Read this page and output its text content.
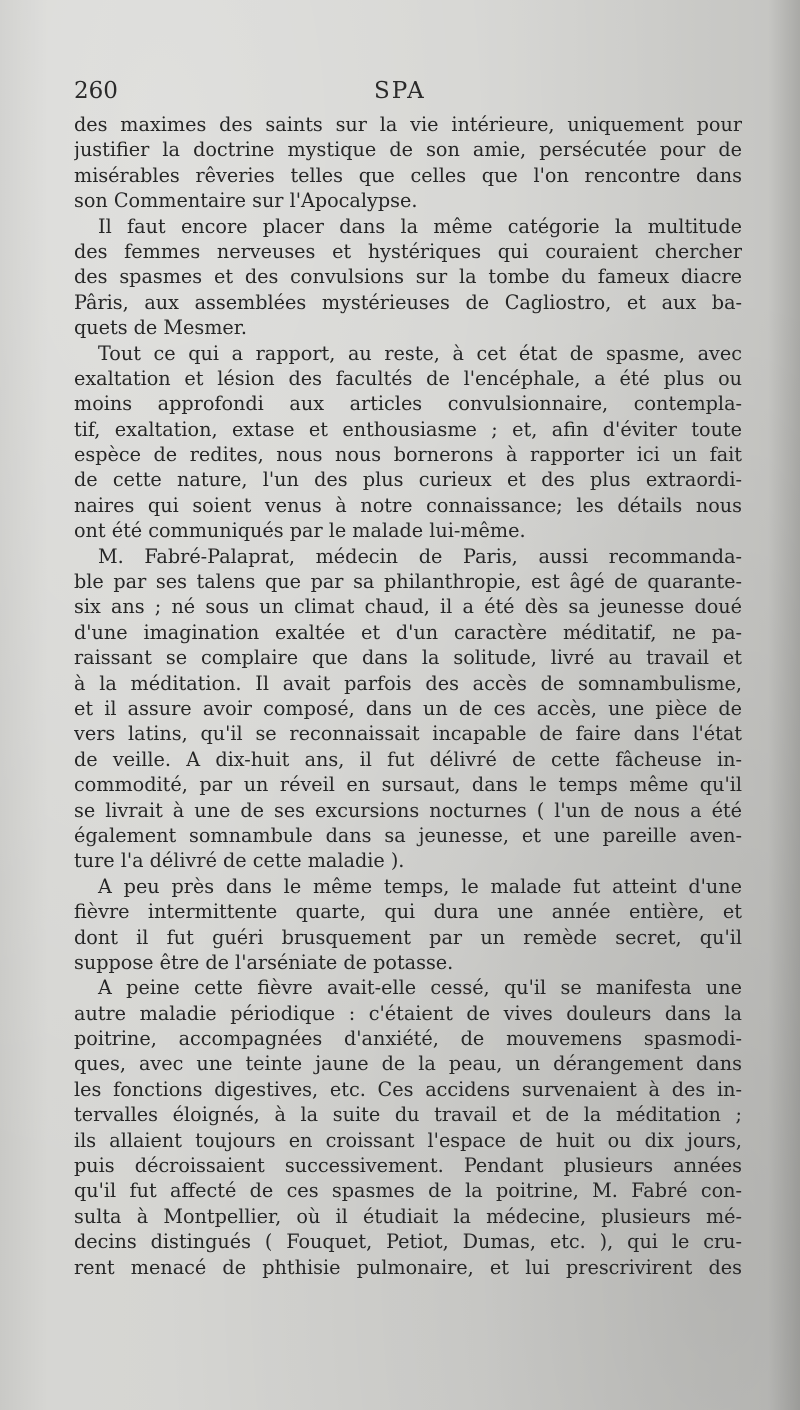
260	SPA
des maximes des saints sur la vie intérieure, uniquement pour
justifier la doctrine mystique de son amie, persécutée pour de
misérables rêveries telles que celles que l'on rencontre dans
son Commentaire sur l'Apocalypse.
Il faut encore placer dans la même catégorie la multitude
des femmes nerveuses et hystériques qui couraient chercher
des spasmes et des convulsions sur la tombe du fameux diacre
Pâris, aux assemblées mystérieuses de Cagliostro, et aux ba-
quets de Mesmer.
Tout ce qui a rapport, au reste, à cet état de spasme, avec
exaltation et lésion des facultés de l'encéphale, a été plus ou
moins approfondi aux articles convulsionnaire, contempla-
tif, exaltation, extase et enthousiasme ; et, afin d'éviter toute
espèce de redites, nous nous bornerons à rapporter ici un fait
de cette nature, l'un des plus curieux et des plus extraordi-
naires qui soient venus à notre connaissance; les détails nous
ont été communiqués par le malade lui-même.
M. Fabré-Palaprat, médecin de Paris, aussi recommanda-
ble par ses talens que par sa philanthropie, est âgé de quarante-
six ans ; né sous un climat chaud, il a été dès sa jeunesse doué
d'une imagination exaltée et d'un caractère méditatif, ne pa-
raissant se complaire que dans la solitude, livré au travail et
à la méditation. Il avait parfois des accès de somnambulisme,
et il assure avoir composé, dans un de ces accès, une pièce de
vers latins, qu'il se reconnaissait incapable de faire dans l'état
de veille. A dix-huit ans, il fut délivré de cette fâcheuse in-
commodité, par un réveil en sursaut, dans le temps même qu'il
se livrait à une de ses excursions nocturnes ( l'un de nous a été
également somnambule dans sa jeunesse, et une pareille aven-
ture l'a délivré de cette maladie ).
A peu près dans le même temps, le malade fut atteint d'une
fièvre intermittente quarte, qui dura une année entière, et
dont il fut guéri brusquement par un remède secret, qu'il
suppose être de l'arséniate de potasse.
A peine cette fièvre avait-elle cessé, qu'il se manifesta une
autre maladie périodique : c'étaient de vives douleurs dans la
poitrine, accompagnées d'anxiété, de mouvemens spasmodi-
ques, avec une teinte jaune de la peau, un dérangement dans
les fonctions digestives, etc. Ces accidens survenaient à des in-
tervalles éloignés, à la suite du travail et de la méditation ;
ils allaient toujours en croissant l'espace de huit ou dix jours,
puis décroissaient successivement. Pendant plusieurs années
qu'il fut affecté de ces spasmes de la poitrine, M. Fabré con-
sulta à Montpellier, où il étudiait la médecine, plusieurs mé-
decins distingués ( Fouquet, Petiot, Dumas, etc. ), qui le cru-
rent menacé de phthisie pulmonaire, et lui prescrivirent des
